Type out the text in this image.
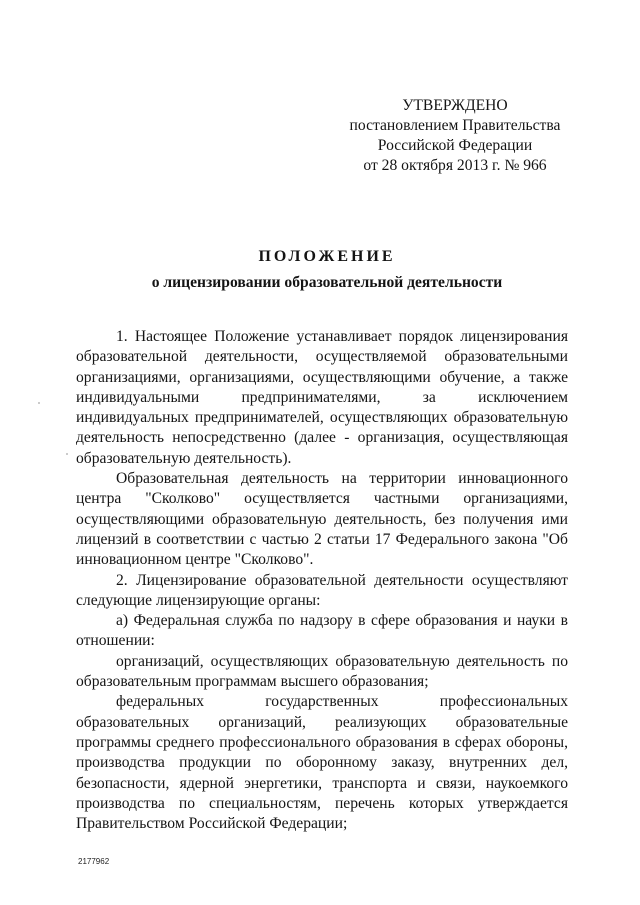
УТВЕРЖДЕНО
постановлением Правительства
Российской Федерации
от 28 октября 2013 г. № 966
ПОЛОЖЕНИЕ
о лицензировании образовательной деятельности

1. Настоящее Положение устанавливает порядок лицензирования образовательной деятельности, осуществляемой образовательными организациями, организациями, осуществляющими обучение, а также индивидуальными предпринимателями, за исключением индивидуальных предпринимателей, осуществляющих образовательную деятельность непосредственно (далее - организация, осуществляющая образовательную деятельность).

Образовательная деятельность на территории инновационного центра "Сколково" осуществляется частными организациями, осуществляющими образовательную деятельность, без получения ими лицензий в соответствии с частью 2 статьи 17 Федерального закона "Об инновационном центре "Сколково".

2. Лицензирование образовательной деятельности осуществляют следующие лицензирующие органы:

а) Федеральная служба по надзору в сфере образования и науки в отношении:

организаций, осуществляющих образовательную деятельность по образовательным программам высшего образования;

федеральных государственных профессиональных образовательных организаций, реализующих образовательные программы среднего профессионального образования в сферах обороны, производства продукции по оборонному заказу, внутренних дел, безопасности, ядерной энергетики, транспорта и связи, наукоемкого производства по специальностям, перечень которых утверждается Правительством Российской Федерации;

2177962
